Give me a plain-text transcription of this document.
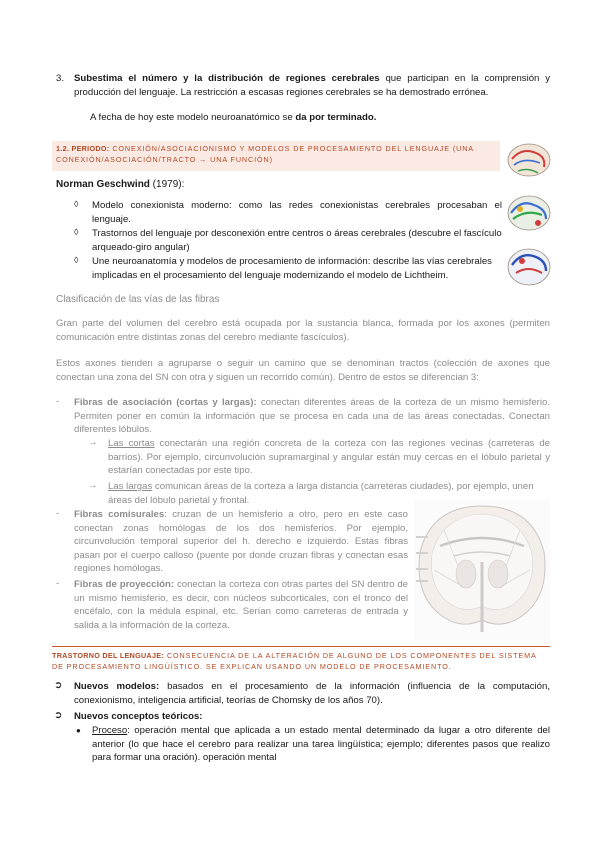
3. Subestima el número y la distribución de regiones cerebrales que participan en la comprensión y producción del lenguaje. La restricción a escasas regiones cerebrales se ha demostrado errónea.
A fecha de hoy este modelo neuroanatómico se da por terminado.
1.2. PERIODO: CONEXIÓN/ASOCIACIONISMO Y MODELOS DE PROCESAMIENTO DEL LENGUAJE (UNA CONEXIÓN/ASOCIACIÓN/TRACTO → UNA FUNCIÓN)
Norman Geschwind (1979):
◊	Modelo conexionista moderno: como las redes conexionistas cerebrales procesaban el lenguaje.
◊	Trastornos del lenguaje por desconexión entre centros o áreas cerebrales (descubre el fascículo arqueado-giro angular)
◊	Une neuroanatomía y modelos de procesamiento de información: describe las vías cerebrales implicadas en el procesamiento del lenguaje modernizando el modelo de Lichtheim.
Clasificación de las vías de las fibras
Gran parte del volumen del cerebro está ocupada por la sustancia blanca, formada por los axones (permiten comunicación entre distintas zonas del cerebro mediante fascículos).
Estos axones tienden a agruparse o seguir un camino que se denominan tractos (colección de axones que conectan una zona del SN con otra y siguen un recorrido común). Dentro de estos se diferencian 3:
- Fibras de asociación (cortas y largas): conectan diferentes áreas de la corteza de un mismo hemisferio. Permiten poner en común la información que se procesa en cada una de las áreas conectadas. Conectan diferentes lóbulos.
→ Las cortas conectarán una región concreta de la corteza con las regiones vecinas (carreteras de barrios). Por ejemplo, circunvolución supramarginal y angular están muy cercas en el lóbulo parietal y estarían conectadas por este tipo.
→ Las largas comunican áreas de la corteza a larga distancia (carreteras ciudades), por ejemplo, unen áreas del lóbulo parietal y frontal.
- Fibras comisurales: cruzan de un hemisferio a otro, pero en este caso conectan zonas homólogas de los dos hemisferios. Por ejemplo, circunvolución temporal superior del h. derecho e izquierdo. Estas fibras pasan por el cuerpo calloso (puente por donde cruzan fibras y conectan esas regiones homólogas.
- Fibras de proyección: conectan la corteza con otras partes del SN dentro de un mismo hemisferio, es decir, con núcleos subcorticales, con el tronco del encéfalo, con la médula espinal, etc. Serían como carreteras de entrada y salida a la información de la corteza.
TRASTORNO DEL LENGUAJE: CONSECUENCIA DE LA ALTERACIÓN DE ALGUNO DE LOS COMPONENTES DEL SISTEMA DE PROCESAMIENTO LINGÜÍSTICO. SE EXPLICAN USANDO UN MODELO DE PROCESAMIENTO.
➲ Nuevos modelos: basados en el procesamiento de la información (influencia de la computación, conexionismo, inteligencia artificial, teorías de Chomsky de los años 70).
➲ Nuevos conceptos teóricos:
● Proceso: operación mental que aplicada a un estado mental determinado da lugar a otro diferente del anterior (lo que hace el cerebro para realizar una tarea lingüística; ejemplo; diferentes pasos que realizo para formar una oración). operación mental
